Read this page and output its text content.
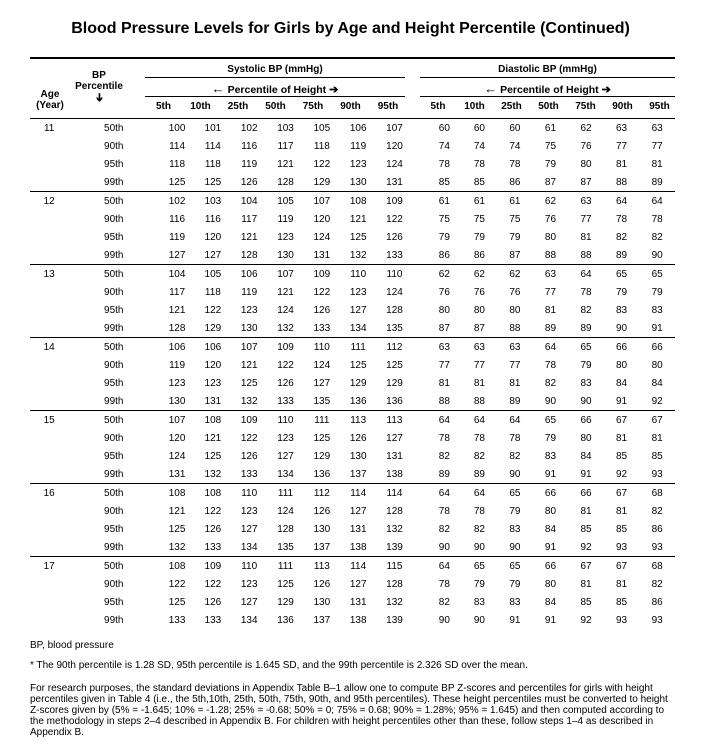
Blood Pressure Levels for Girls by Age and Height Percentile (Continued)
Age
(Year)
BP
Percentile
➔
Systolic BP (mmHg)
← Percentile of Height ➔
Diastolic BP (mmHg)
← Percentile of Height ➔
5th	10th	25th	50th	75th	90th	95th	5th	10th	25th	50th	75th	90th	95th
11	50th	100	101	102	103	105	106	107		60	60	60	61	62	63	63
	90th	114	114	116	117	118	119	120		74	74	74	75	76	77	77
	95th	118	118	119	121	122	123	124		78	78	78	79	80	81	81
	99th	125	125	126	128	129	130	131		85	85	86	87	87	88	89
12	50th	102	103	104	105	107	108	109		61	61	61	62	63	64	64
	90th	116	116	117	119	120	121	122		75	75	75	76	77	78	78
	95th	119	120	121	123	124	125	126		79	79	79	80	81	82	82
	99th	127	127	128	130	131	132	133		86	86	87	88	88	89	90
13	50th	104	105	106	107	109	110	110		62	62	62	63	64	65	65
	90th	117	118	119	121	122	123	124		76	76	76	77	78	79	79
	95th	121	122	123	124	126	127	128		80	80	80	81	82	83	83
	99th	128	129	130	132	133	134	135		87	87	88	89	89	90	91
14	50th	106	106	107	109	110	111	112		63	63	63	64	65	66	66
	90th	119	120	121	122	124	125	125		77	77	77	78	79	80	80
	95th	123	123	125	126	127	129	129		81	81	81	82	83	84	84
	99th	130	131	132	133	135	136	136		88	88	89	90	90	91	92
15	50th	107	108	109	110	111	113	113		64	64	64	65	66	67	67
	90th	120	121	122	123	125	126	127		78	78	78	79	80	81	81
	95th	124	125	126	127	129	130	131		82	82	82	83	84	85	85
	99th	131	132	133	134	136	137	138		89	89	90	91	91	92	93
16	50th	108	108	110	111	112	114	114		64	64	65	66	66	67	68
	90th	121	122	123	124	126	127	128		78	78	79	80	81	81	82
	95th	125	126	127	128	130	131	132		82	82	83	84	85	85	86
	99th	132	133	134	135	137	138	139		90	90	90	91	92	93	93
17	50th	108	109	110	111	113	114	115		64	65	65	66	67	67	68
	90th	122	122	123	125	126	127	128		78	79	79	80	81	81	82
	95th	125	126	127	129	130	131	132		82	83	83	84	85	85	86
	99th	133	133	134	136	137	138	139		90	90	91	91	92	93	93
BP, blood pressure
* The 90th percentile is 1.28 SD, 95th percentile is 1.645 SD, and the 99th percentile is 2.326 SD over the mean.
For research purposes, the standard deviations in Appendix Table B–1 allow one to compute BP Z-scores and percentiles for girls with height percentiles given in Table 4 (i.e., the 5th,10th, 25th, 50th, 75th, 90th, and 95th percentiles). These height percentiles must be converted to height Z-scores given by (5% = -1.645; 10% = -1.28; 25% = -0.68; 50% = 0; 75% = 0.68; 90% = 1.28%; 95% = 1.645) and then computed according to the methodology in steps 2–4 described in Appendix B. For children with height percentiles other than these, follow steps 1–4 as described in Appendix B.
